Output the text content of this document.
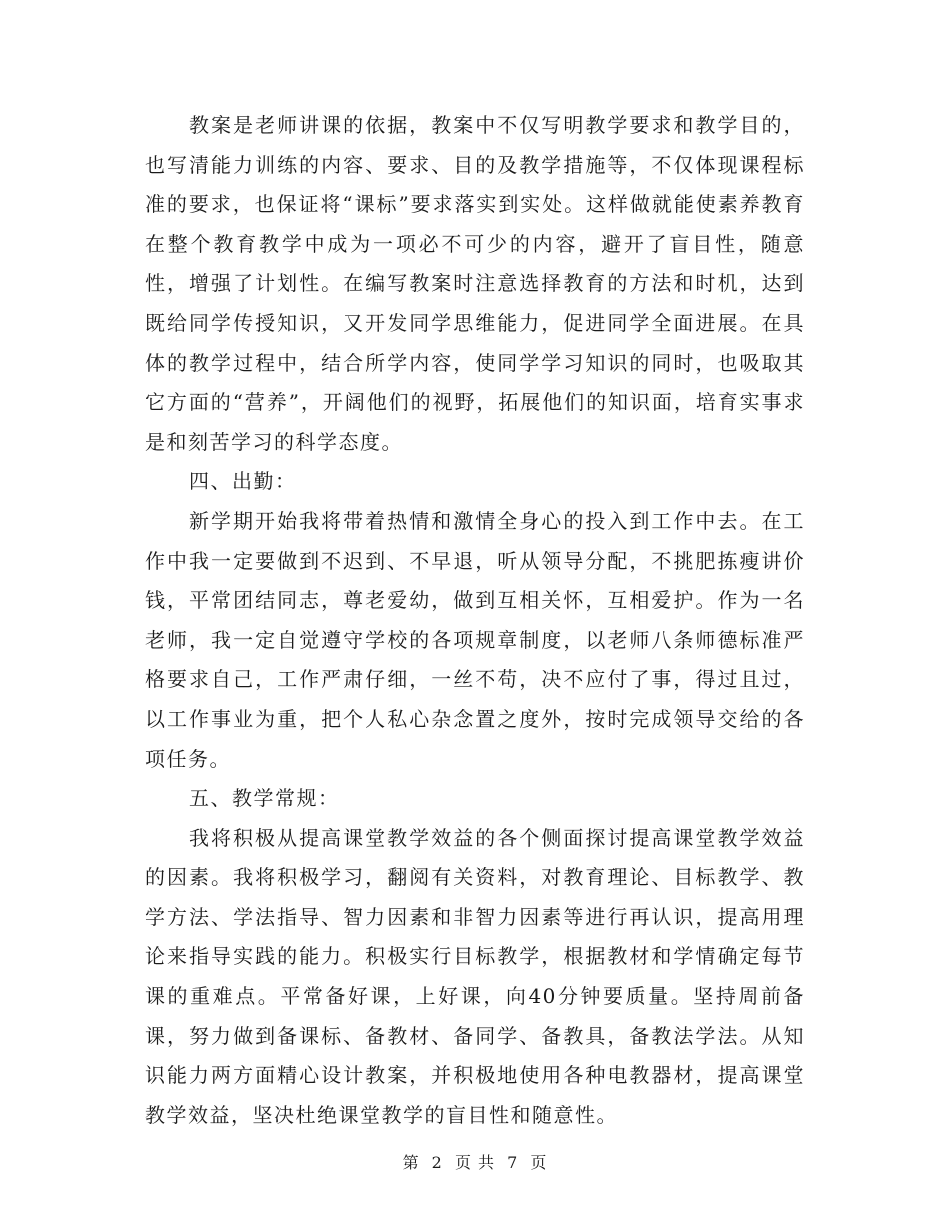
教案是老师讲课的依据，教案中不仅写明教学要求和教学目的，也写清能力训练的内容、要求、目的及教学措施等，不仅体现课程标准的要求，也保证将“课标”要求落实到实处。这样做就能使素养教育在整个教育教学中成为一项必不可少的内容，避开了盲目性，随意性，增强了计划性。在编写教案时注意选择教育的方法和时机，达到既给同学传授知识，又开发同学思维能力，促进同学全面进展。在具体的教学过程中，结合所学内容，使同学学习知识的同时，也吸取其它方面的“营养”，开阔他们的视野，拓展他们的知识面，培育实事求是和刻苦学习的科学态度。

四、出勤：

新学期开始我将带着热情和激情全身心的投入到工作中去。在工作中我一定要做到不迟到、不早退，听从领导分配，不挑肥拣瘦讲价钱，平常团结同志，尊老爱幼，做到互相关怀，互相爱护。作为一名老师，我一定自觉遵守学校的各项规章制度，以老师八条师德标准严格要求自己，工作严肃仔细，一丝不苟，决不应付了事，得过且过，以工作事业为重，把个人私心杂念置之度外，按时完成领导交给的各项任务。

五、教学常规：

我将积极从提高课堂教学效益的各个侧面探讨提高课堂教学效益的因素。我将积极学习，翻阅有关资料，对教育理论、目标教学、教学方法、学法指导、智力因素和非智力因素等进行再认识，提高用理论来指导实践的能力。积极实行目标教学，根据教材和学情确定每节课的重难点。平常备好课，上好课，向40分钟要质量。坚持周前备课，努力做到备课标、备教材、备同学、备教具，备教法学法。从知识能力两方面精心设计教案，并积极地使用各种电教器材，提高课堂教学效益，坚决杜绝课堂教学的盲目性和随意性。

第 2 页 共 7 页
